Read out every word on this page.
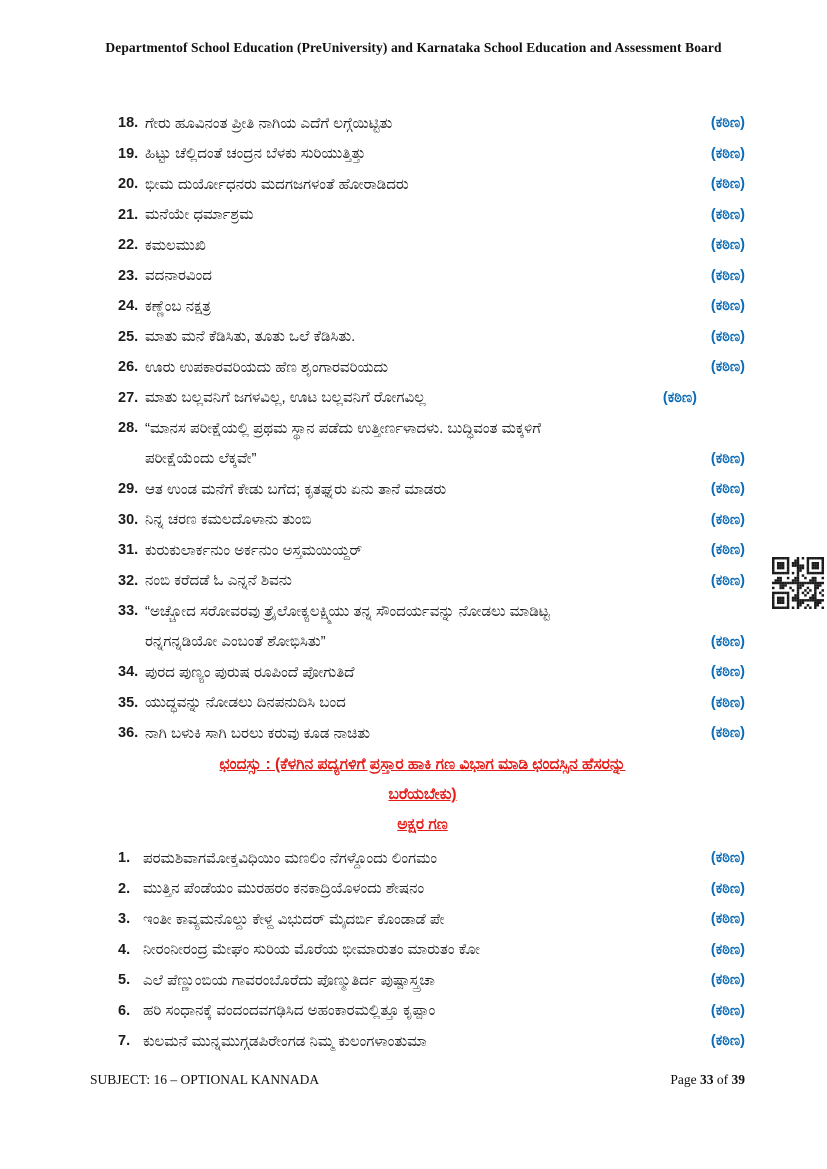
Departmentof School Education (PreUniversity) and Karnataka School Education and Assessment Board
18. ಗೇರು ಹೂವಿನಂತ ಪ್ರೀತಿ ನಾಗಿಯ ಎದೆಗೆ ಲಗ್ಗೆಯಿಟ್ಟಿತು	(ಕಠಿಣ)
19. ಹಿಟ್ಟು ಚೆಲ್ಲಿದಂತೆ ಚಂದ್ರನ ಬೆಳಕು ಸುರಿಯುತ್ತಿತ್ತು	(ಕಠಿಣ)
20. ಭೀಮ ದುರ್ಯೋಧನರು ಮದಗಜಗಳಂತೆ ಹೋರಾಡಿದರು	(ಕಠಿಣ)
21. ಮನೆಯೇ ಧರ್ಮಾಶ್ರಮ	(ಕಠಿಣ)
22. ಕಮಲಮುಖಿ	(ಕಠಿಣ)
23. ವದನಾರವಿಂದ	(ಕಠಿಣ)
24. ಕಣ್ಣೆಂಬ ನಕ್ಷತ್ರ	(ಕಠಿಣ)
25. ಮಾತು ಮನೆ ಕೆಡಿಸಿತು, ತೂತು ಒಲೆ ಕೆಡಿಸಿತು.	(ಕಠಿಣ)
26. ಊರು ಉಪಕಾರವರಿಯದು ಹೆಣ ಶೃಂಗಾರವರಿಯದು	(ಕಠಿಣ)
27. ಮಾತು ಬಲ್ಲವನಿಗೆ ಜಗಳವಿಲ್ಲ, ಊಟ ಬಲ್ಲವನಿಗೆ ರೋಗವಿಲ್ಲ	(ಕಠಿಣ)
28. “ಮಾನಸ ಪರೀಕ್ಷೆಯಲ್ಲಿ ಪ್ರಥಮ ಸ್ಥಾನ ಪಡೆದು ಉತ್ತೀರ್ಣಳಾದಳು. ಬುದ್ಧಿವಂತ ಮಕ್ಕಳಿಗೆ
ಪರೀಕ್ಷೆಯೆಂದು ಲೆಕ್ಕವೇ”	(ಕಠಿಣ)
29. ಆತ ಉಂಡ ಮನೆಗೆ ಕೇಡು ಬಗೆದ; ಕೃತಘ್ನರು ಏನು ತಾನೆ ಮಾಡರು	(ಕಠಿಣ)
30. ನಿನ್ನ ಚರಣ ಕಮಲದೊಳಾನು ತುಂಬಿ	(ಕಠಿಣ)
31. ಕುರುಕುಲಾರ್ಕನುಂ ಅರ್ಕನುಂ ಅಸ್ತಮಯಿಯ್ದರ್	(ಕಠಿಣ)
32. ನಂಬಿ ಕರೆದಡೆ ಓ ಎನ್ನನೆ ಶಿವನು	(ಕಠಿಣ)
33. “ಅಚ್ಚೋದ ಸರೋವರವು ತ್ರೈಲೋಕ್ಯಲಕ್ಷ್ಮಿಯು ತನ್ನ ಸೌಂದರ್ಯವನ್ನು ನೋಡಲು ಮಾಡಿಟ್ಟ
ರನ್ನಗನ್ನಡಿಯೋ ಎಂಬಂತೆ ಶೋಭಿಸಿತು”	(ಕಠಿಣ)
34. ಪುರದ ಪುಣ್ಯಂ ಪುರುಷ ರೂಪಿಂದೆ ಪೋಗುತಿದೆ	(ಕಠಿಣ)
35. ಯುದ್ಧವನ್ನು ನೋಡಲು ದಿನಪನುದಿಸಿ ಬಂದ	(ಕಠಿಣ)
36. ನಾಗಿ ಬಳುಕಿ ಸಾಗಿ ಬರಲು ಕರುವು ಕೂಡ ನಾಚಿತು	(ಕಠಿಣ)
ಛಂದಸ್ಸು : (ಕೆಳಗಿನ ಪದ್ಯಗಳಿಗೆ ಪ್ರಸ್ತಾರ ಹಾಕಿ ಗಣ ವಿಭಾಗ ಮಾಡಿ ಛಂದಸ್ಸಿನ ಹೆಸರನ್ನು
ಬರೆಯಬೇಕು)
ಅಕ್ಷರ ಗಣ
1. ಪರಮಶಿವಾಗಮೋಕ್ತವಿಧಿಯಿಂ ಮಣಲಿಂ ನೆಗಳ್ದೊಂದು ಲಿಂಗಮಂ	(ಕಠಿಣ)
2. ಮುತ್ತಿನ ಪೆಂಡೆಯಂ ಮುರಹರಂ ಕನಕಾದ್ರಿಯೊಳಂದು ಶೇಷನಂ	(ಕಠಿಣ)
3. ಇಂತೀ ಕಾವ್ಯಮನೊಲ್ದು ಕೇಳ್ದ ವಿಭುದರ್ ಮೈದರ್ಬಿ ಕೊಂಡಾಡೆ ಪೇ	(ಕಠಿಣ)
4. ನೀರಂನೀರಂದ್ರ ಮೇಘಂ ಸುರಿಯ ಮೊರೆಯ ಭೀಮಾರುತಂ ಮಾರುತಂ ಕೋ	(ಕಠಿಣ)
5. ಎಲೆ ಪೆಣ್ಣುಂಬಿಯ ಗಾವರಂಬೊರೆದು ಪೊಣ್ಮುತಿರ್ದ ಪುಷ್ಪಾಸ್ತ್ರಚಾ	(ಕಠಿಣ)
6. ಹರಿ ಸಂಧಾನಕ್ಕೆ ವಂದಂದವಗಢಿಸಿದ ಅಹಂಕಾರಮಲ್ಲಿತ್ತೂ ಕೃಪ್ಪಾಂ	(ಕಠಿಣ)
7. ಕುಲಮನೆ ಮುನ್ನಮುಗ್ಗಡಪಿರೇಂಗಡ ನಿಮ್ಮ ಕುಲಂಗಳಾಂತುಮಾ	(ಕಠಿಣ)
SUBJECT: 16 – OPTIONAL KANNADA	Page 33 of 39
